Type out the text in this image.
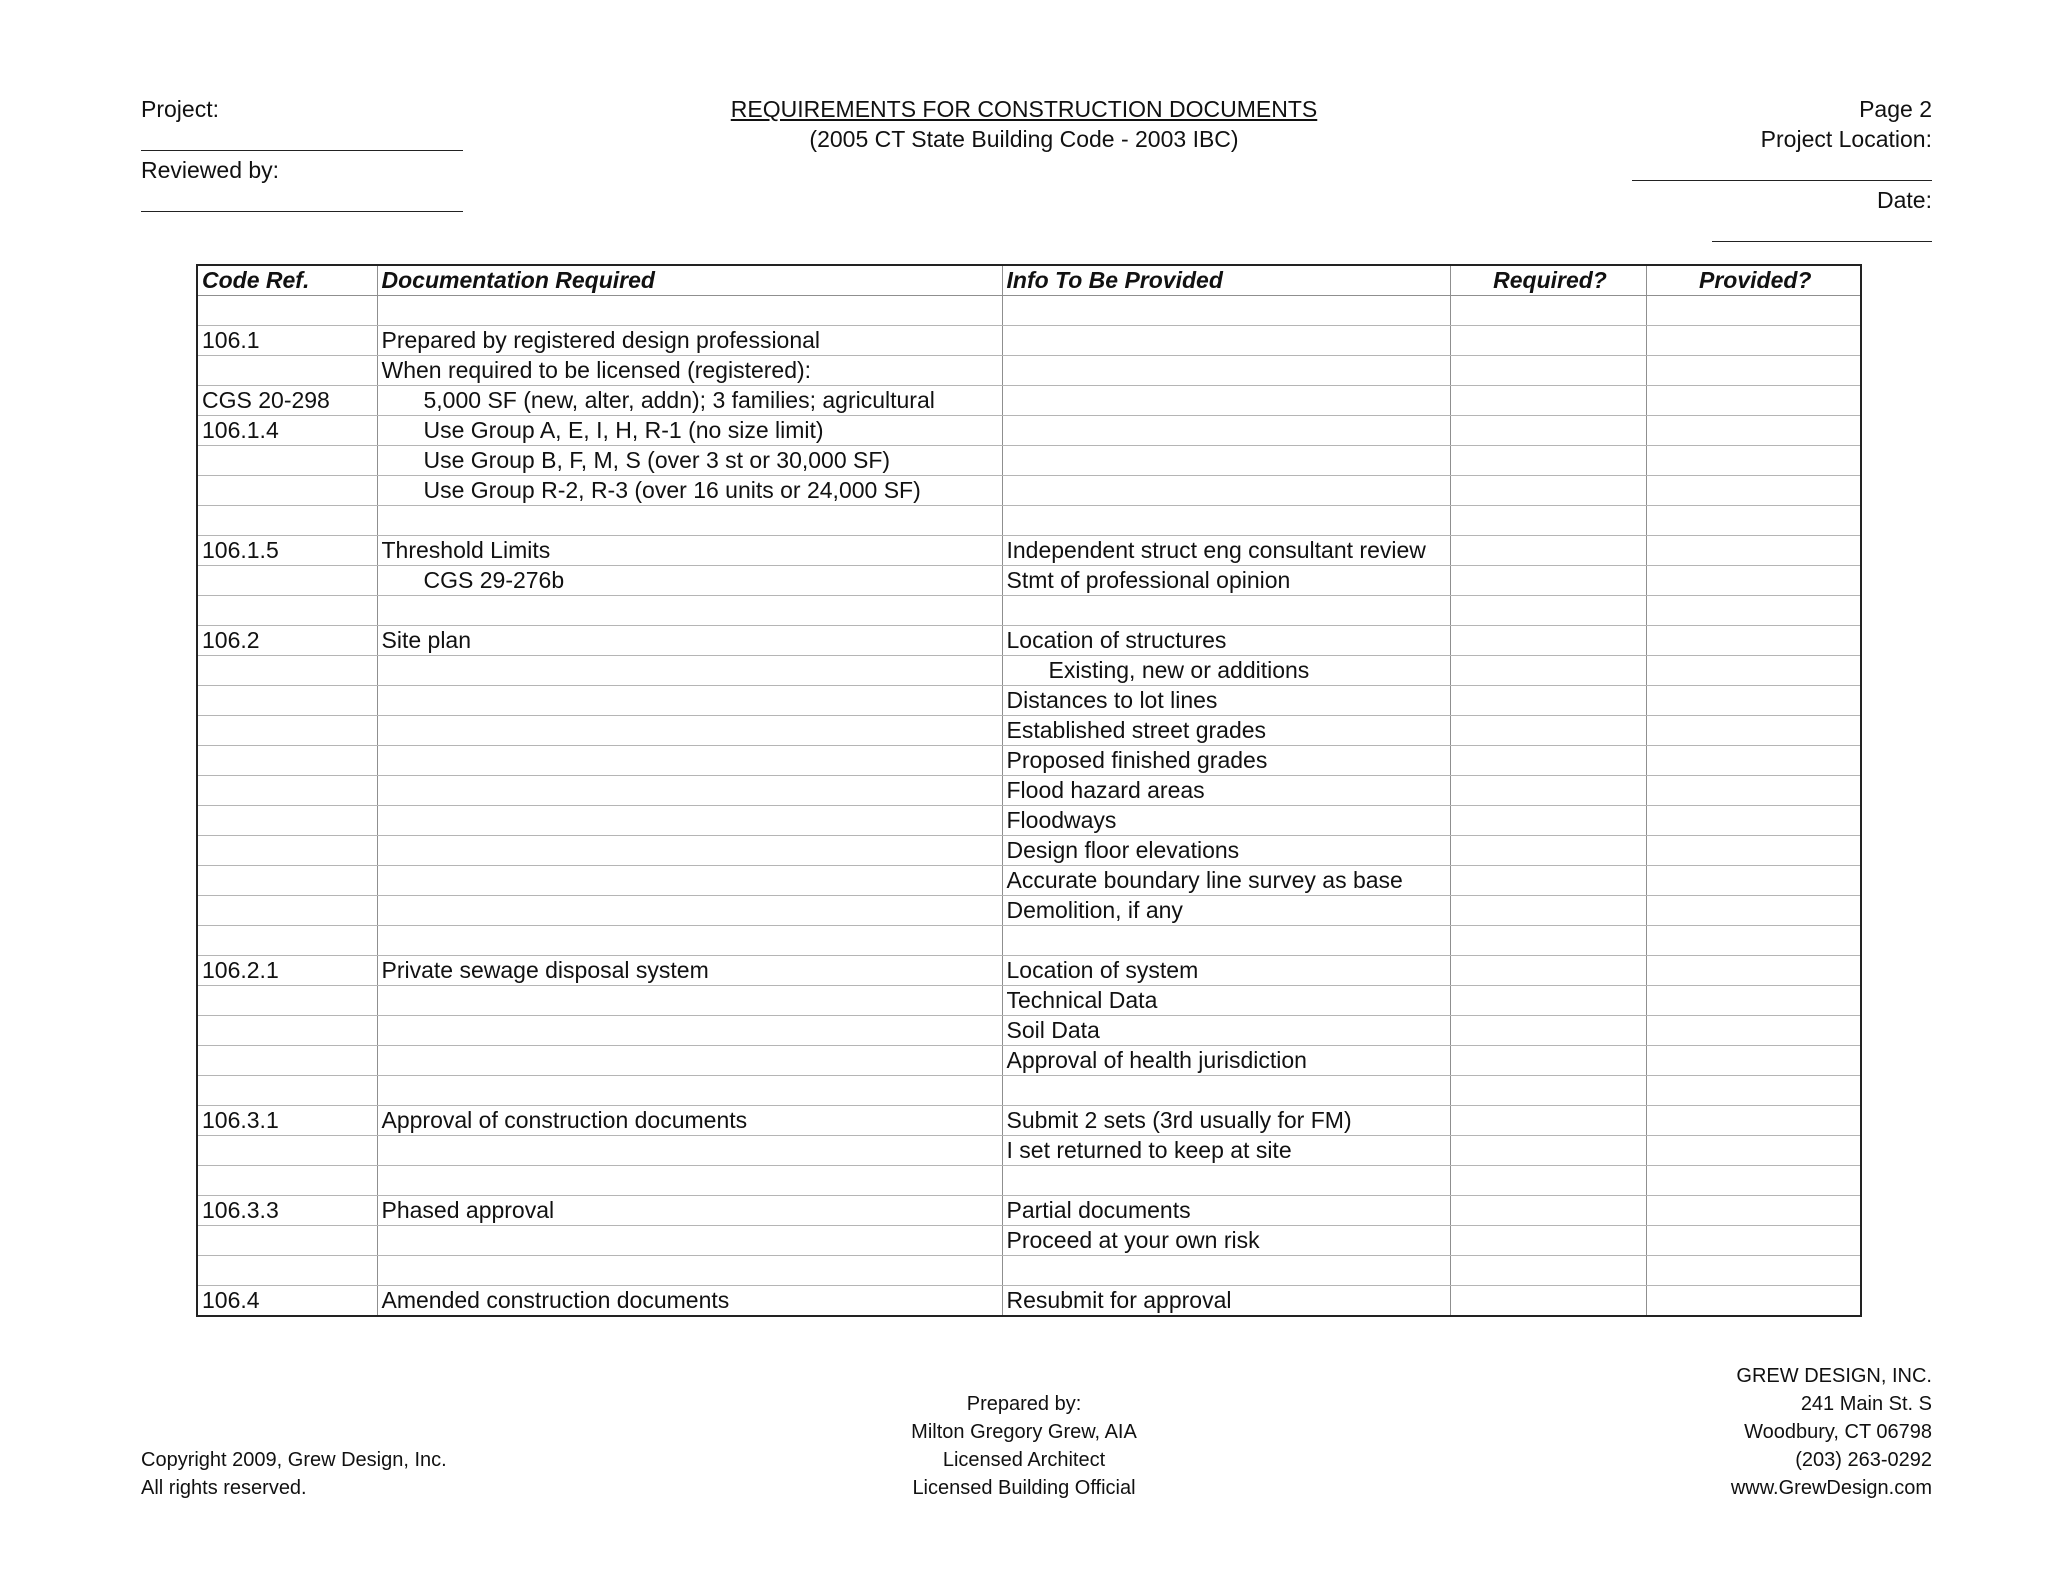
Project:
Reviewed by:
REQUIREMENTS FOR CONSTRUCTION DOCUMENTS
(2005 CT State Building Code - 2003 IBC)
Page 2
Project Location:
Date:
Code Ref.	Documentation Required	Info To Be Provided	Required?	Provided?

106.1	Prepared by registered design professional			
	When required to be licensed (registered):			
CGS 20-298	5,000 SF (new, alter, addn); 3 families; agricultural			
106.1.4	Use Group A, E, I, H, R-1 (no size limit)			
	Use Group B, F, M, S (over 3 st or 30,000 SF)			
	Use Group R-2, R-3 (over 16 units or 24,000 SF)			

106.1.5	Threshold Limits	Independent struct eng consultant review		
	CGS 29-276b	Stmt of professional opinion		

106.2	Site plan	Location of structures		
		Existing, new or additions		
		Distances to lot lines		
		Established street grades		
		Proposed finished grades		
		Flood hazard areas		
		Floodways		
		Design floor elevations		
		Accurate boundary line survey as base		
		Demolition, if any		

106.2.1	Private sewage disposal system	Location of system		
		Technical Data		
		Soil Data		
		Approval of health jurisdiction		

106.3.1	Approval of construction documents	Submit 2 sets (3rd usually for FM)		
		I set returned to keep at site		

106.3.3	Phased approval	Partial documents		
		Proceed at your own risk		

106.4	Amended construction documents	Resubmit for approval		
Copyright 2009, Grew Design, Inc.
All rights reserved.
Prepared by:
Milton Gregory Grew, AIA
Licensed Architect
Licensed Building Official
GREW DESIGN, INC.
241 Main St. S
Woodbury, CT 06798
(203) 263-0292
www.GrewDesign.com
